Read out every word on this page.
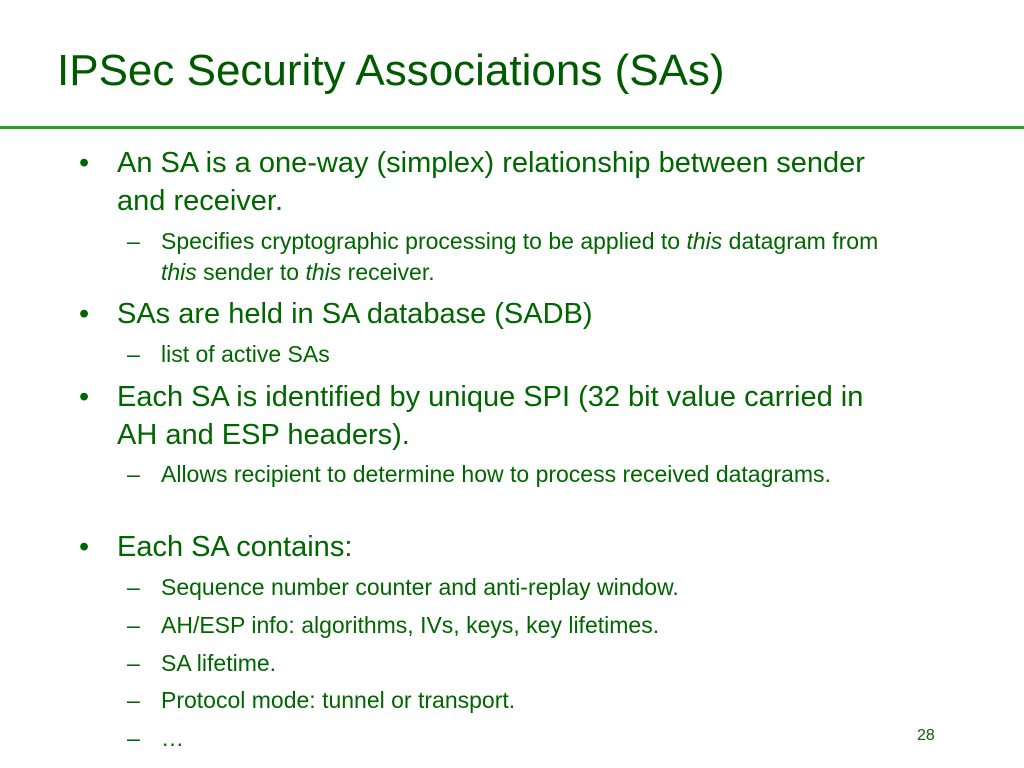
IPSec Security Associations (SAs)
• An SA is a one-way (simplex) relationship between sender and receiver.
– Specifies cryptographic processing to be applied to this datagram from this sender to this receiver.
• SAs are held in SA database (SADB)
– list of active SAs
• Each SA is identified by unique SPI (32 bit value carried in AH and ESP headers).
– Allows recipient to determine how to process received datagrams.
• Each SA contains:
– Sequence number counter and anti-replay window.
– AH/ESP info: algorithms, IVs, keys, key lifetimes.
– SA lifetime.
– Protocol mode: tunnel or transport.
– …	28
